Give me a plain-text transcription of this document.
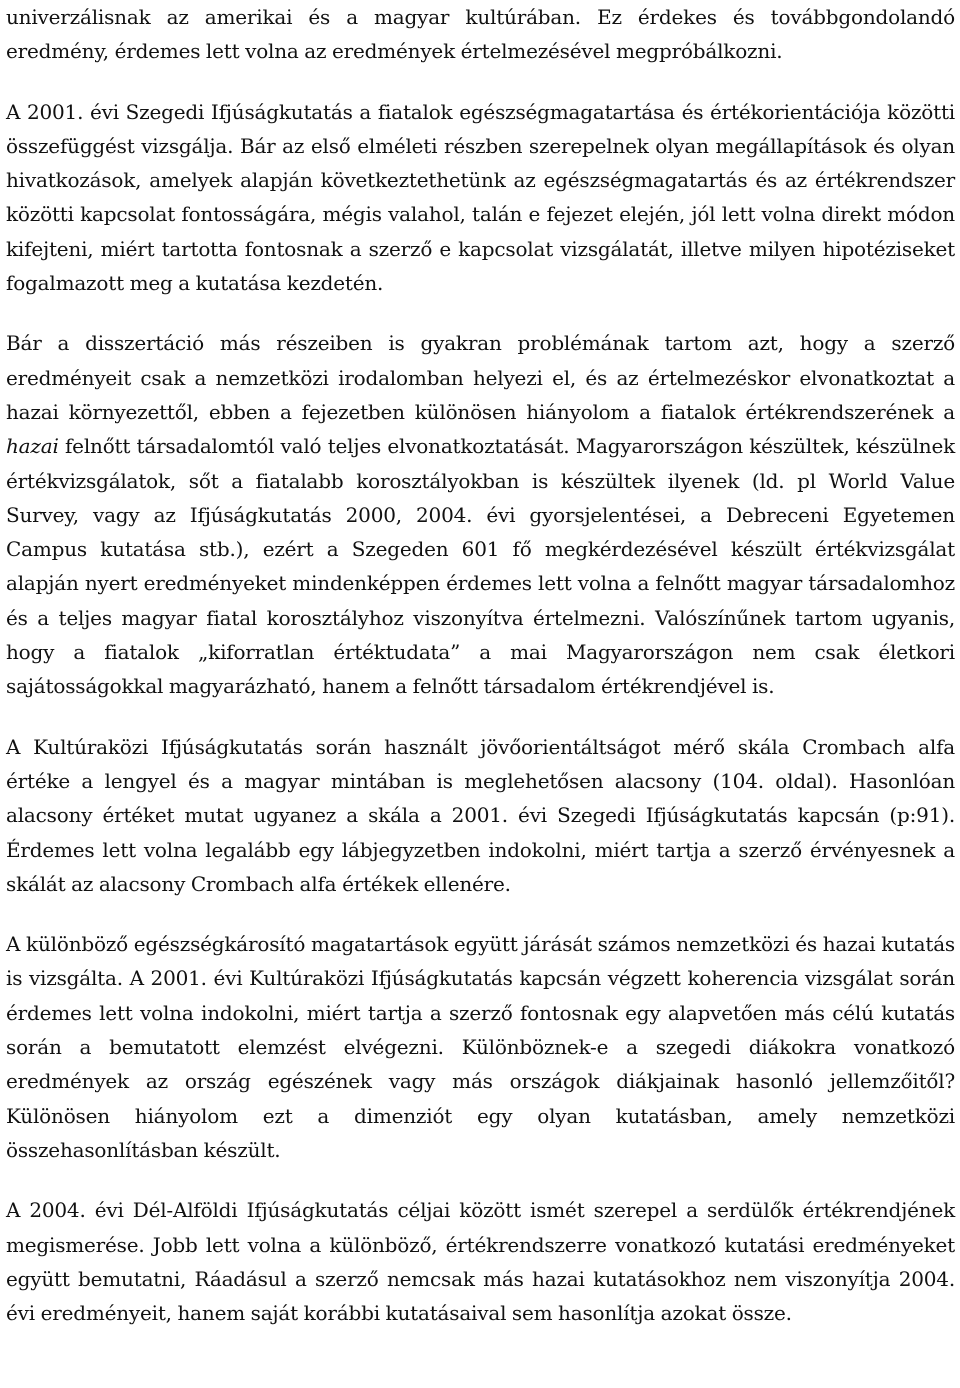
univerzálisnak az amerikai és a magyar kultúrában. Ez érdekes és továbbgondolandó eredmény, érdemes lett volna az eredmények értelmezésével megpróbálkozni.

A 2001. évi Szegedi Ifjúságkutatás a fiatalok egészségmagatartása és értékorientációja közötti összefüggést vizsgálja. Bár az első elméleti részben szerepelnek olyan megállapítások és olyan hivatkozások, amelyek alapján következtethetünk az egészségmagatartás és az értékrendszer közötti kapcsolat fontosságára, mégis valahol, talán e fejezet elején, jól lett volna direkt módon kifejteni, miért tartotta fontosnak a szerző e kapcsolat vizsgálatát, illetve milyen hipotéziseket fogalmazott meg a kutatása kezdetén.

Bár a disszertáció más részeiben is gyakran problémának tartom azt, hogy a szerző eredményeit csak a nemzetközi irodalomban helyezi el, és az értelmezéskor elvonatkoztat a hazai környezettől, ebben a fejezetben különösen hiányolom a fiatalok értékrendszerének a hazai felnőtt társadalomtól való teljes elvonatkoztatását. Magyarországon készültek, készülnek értékvizsgálatok, sőt a fiatalabb korosztályokban is készültek ilyenek (ld. pl World Value Survey, vagy az Ifjúságkutatás 2000, 2004. évi gyorsjelentései, a Debreceni Egyetemen Campus kutatása stb.), ezért a Szegeden 601 fő megkérdezésével készült értékvizsgálat alapján nyert eredményeket mindenképpen érdemes lett volna a felnőtt magyar társadalomhoz és a teljes magyar fiatal korosztályhoz viszonyítva értelmezni. Valószínűnek tartom ugyanis, hogy a fiatalok „kiforratlan értéktudata” a mai Magyarországon nem csak életkori sajátosságokkal magyarázható, hanem a felnőtt társadalom értékrendjével is.

A Kultúraközi Ifjúságkutatás során használt jövőorientáltságot mérő skála Crombach alfa értéke a lengyel és a magyar mintában is meglehetősen alacsony (104. oldal). Hasonlóan alacsony értéket mutat ugyanez a skála a 2001. évi Szegedi Ifjúságkutatás kapcsán (p:91). Érdemes lett volna legalább egy lábjegyzetben indokolni, miért tartja a szerző érvényesnek a skálát az alacsony Crombach alfa értékek ellenére.

A különböző egészségkárosító magatartások együtt járását számos nemzetközi és hazai kutatás is vizsgálta. A 2001. évi Kultúraközi Ifjúságkutatás kapcsán végzett koherencia vizsgálat során érdemes lett volna indokolni, miért tartja a szerző fontosnak egy alapvetően más célú kutatás során a bemutatott elemzést elvégezni. Különböznek-e a szegedi diákokra vonatkozó eredmények az ország egészének vagy más országok diákjainak hasonló jellemzőitől? Különösen hiányolom ezt a dimenziót egy olyan kutatásban, amely nemzetközi összehasonlításban készült.

A 2004. évi Dél-Alföldi Ifjúságkutatás céljai között ismét szerepel a serdülők értékrendjének megismerése. Jobb lett volna a különböző, értékrendszerre vonatkozó kutatási eredményeket együtt bemutatni, Ráadásul a szerző nemcsak más hazai kutatásokhoz nem viszonyítja 2004. évi eredményeit, hanem saját korábbi kutatásaival sem hasonlítja azokat össze.
